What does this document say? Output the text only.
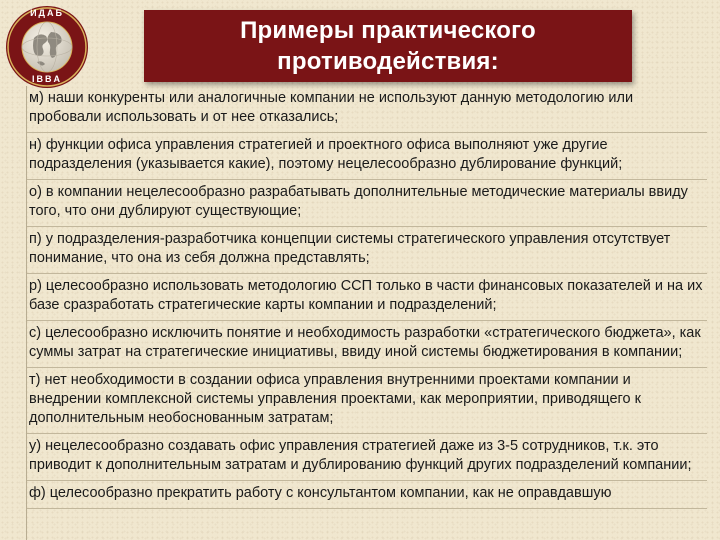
ИДАБ
IBBA
Примеры практического
противодействия:
м) наши конкуренты или аналогичные компании не используют данную методологию или пробовали использовать и от нее отказались;
н) функции офиса управления стратегией и проектного офиса выполняют уже другие подразделения (указывается какие), поэтому нецелесообразно дублирование функций;
о) в компании нецелесообразно разрабатывать дополнительные методические материалы ввиду того, что они дублируют существующие;
п) у подразделения-разработчика концепции системы стратегического управления отсутствует понимание, что она из себя должна представлять;
р) целесообразно использовать методологию ССП только в части финансовых показателей и на их базе сразработать стратегические карты компании и подразделений;
с) целесообразно исключить понятие и необходимость разработки «стратегического бюджета», как суммы затрат на стратегические инициативы, ввиду иной системы бюджетирования в компании;
т) нет необходимости в создании офиса управления внутренними проектами компании и внедрении комплексной системы управления проектами, как мероприятии, приводящего к дополнительным необоснованным затратам;
у) нецелесообразно создавать офис управления стратегией даже из 3-5 сотрудников, т.к. это приводит к дополнительным затратам и дублированию функций других подразделений компании;
ф) целесообразно прекратить работу с консультантом компании, как не оправдавшую
